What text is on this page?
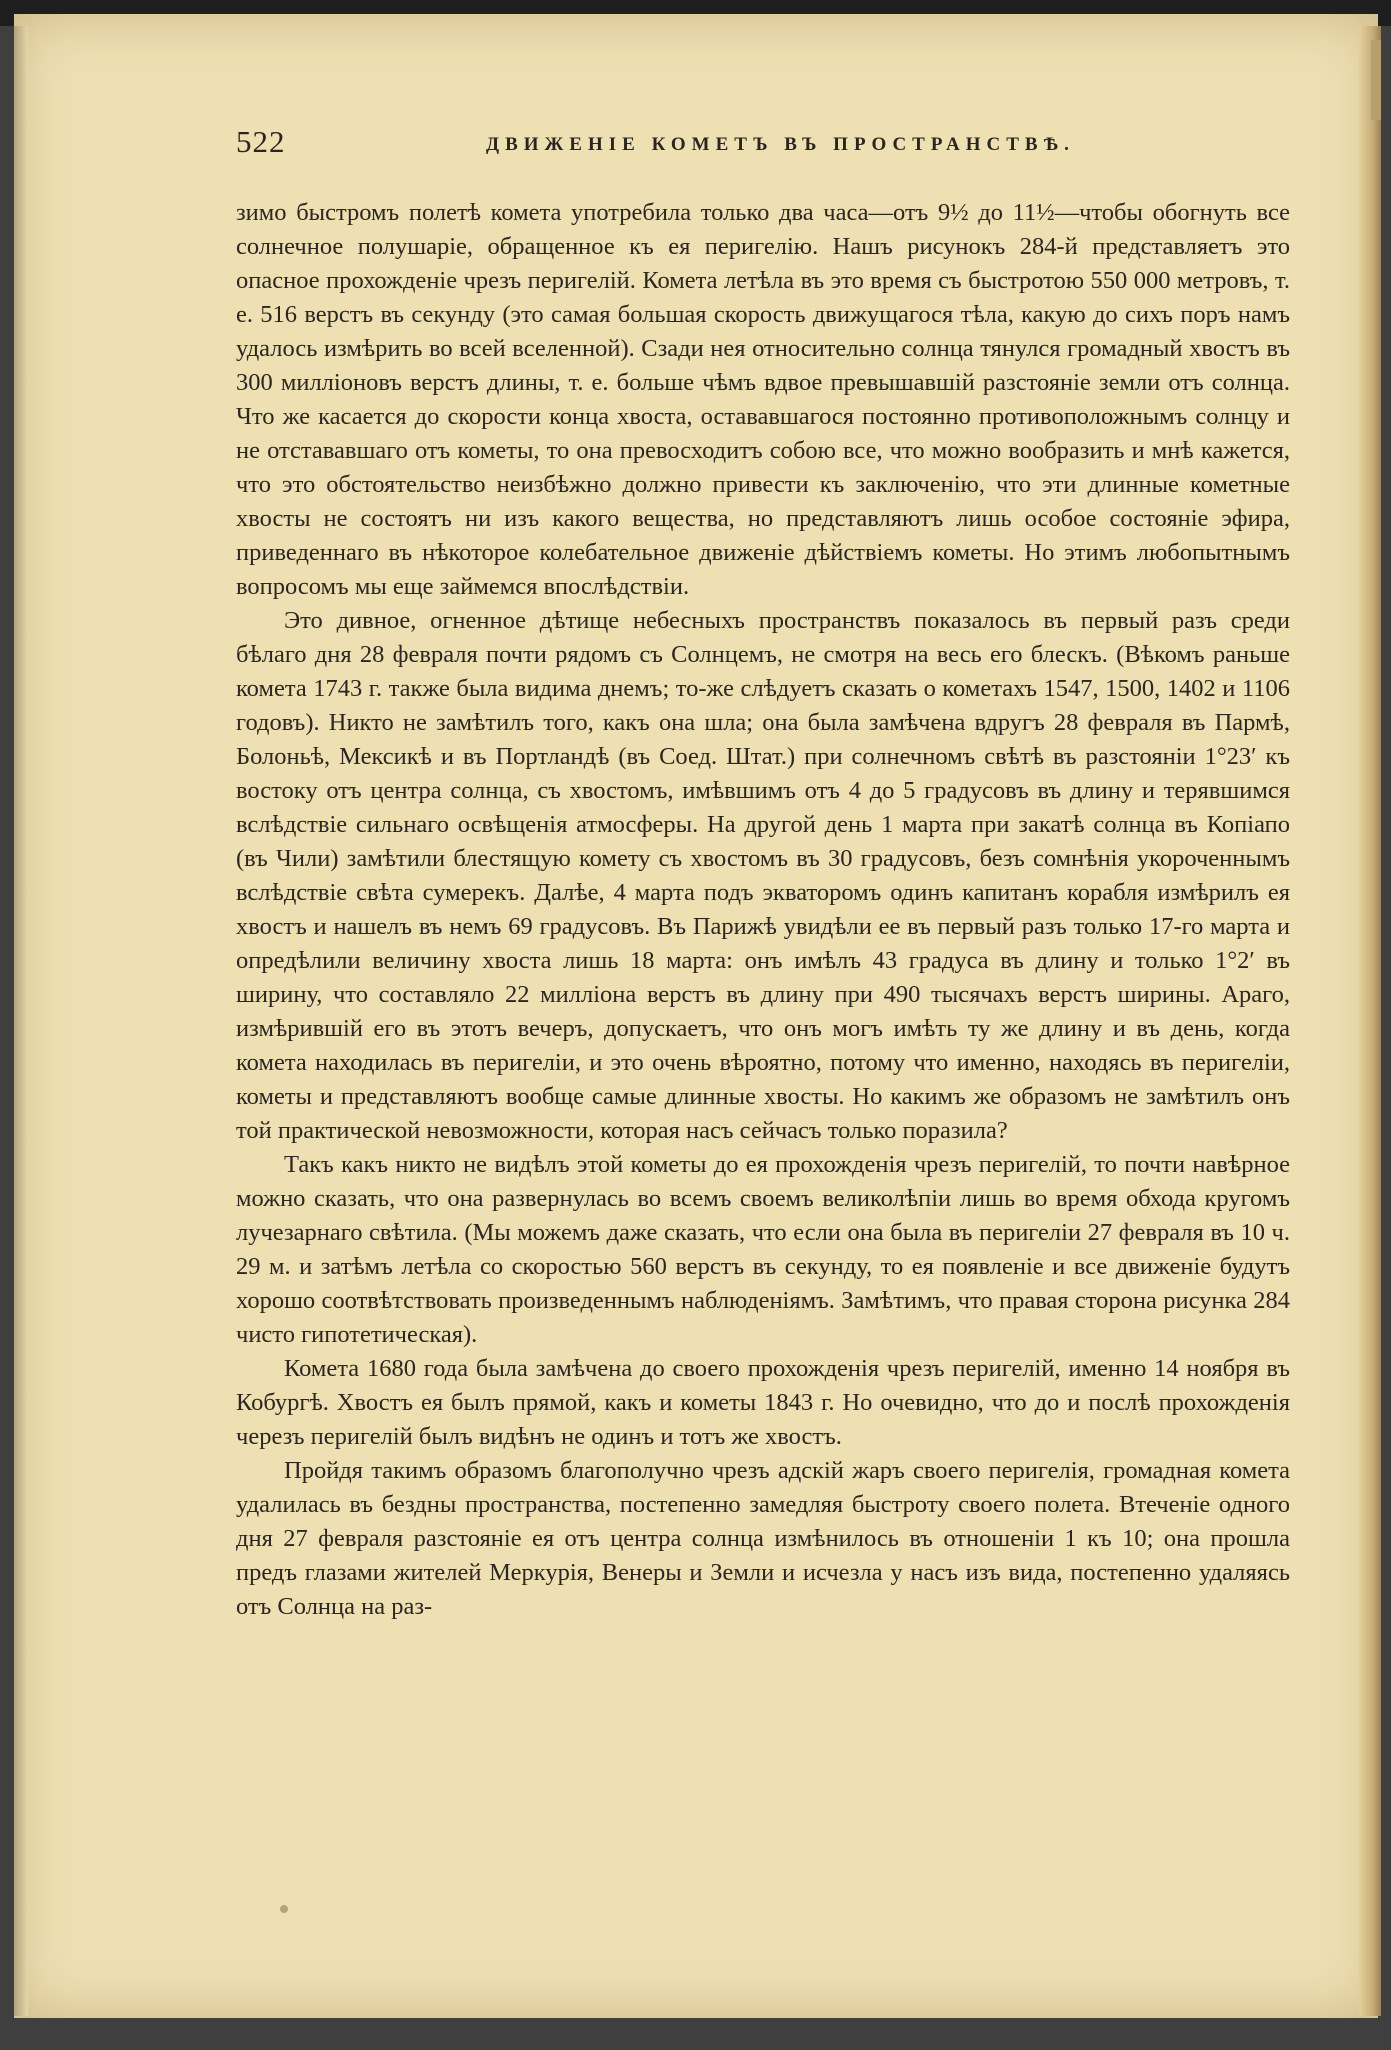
522	ДВИЖЕНІЕ КОМЕТЪ ВЪ ПРОСТРАНСТВѢ.

зимо быстромъ полетѣ комета употребила только два часа—отъ 9½ до 11½—чтобы обогнуть все солнечное полушаріе, обращенное къ ея перигелію. Нашъ рисунокъ 284-й представляетъ это опасное прохожденіе чрезъ перигелій. Комета летѣла въ это время съ быстротою 550 000 метровъ, т. е. 516 верстъ въ секунду (это самая большая скорость движущагося тѣла, какую до сихъ поръ намъ удалось измѣрить во всей вселенной). Сзади нея относительно солнца тянулся громадный хвостъ въ 300 милліоновъ верстъ длины, т. е. больше чѣмъ вдвое превышавшій разстояніе земли отъ солнца. Что же касается до скорости конца хвоста, остававшагося постоянно противоположнымъ солнцу и не отстававшаго отъ кометы, то она превосходитъ собою все, что можно вообразить и мнѣ кажется, что это обстоятельство неизбѣжно должно привести къ заключенію, что эти длинные кометные хвосты не состоятъ ни изъ какого вещества, но представляютъ лишь особое состояніе эфира, приведеннаго въ нѣкоторое колебательное движеніе дѣйствіемъ кометы. Но этимъ любопытнымъ вопросомъ мы еще займемся впослѣдствіи.

Это дивное, огненное дѣтище небесныхъ пространствъ показалось въ первый разъ среди бѣлаго дня 28 февраля почти рядомъ съ Солнцемъ, не смотря на весь его блескъ. (Вѣкомъ раньше комета 1743 г. также была видима днемъ; то-же слѣдуетъ сказать о кометахъ 1547, 1500, 1402 и 1106 годовъ). Никто не замѣтилъ того, какъ она шла; она была замѣчена вдругъ 28 февраля въ Пармѣ, Болоньѣ, Мексикѣ и въ Портландѣ (въ Соед. Штат.) при солнечномъ свѣтѣ въ разстояніи 1°23′ къ востоку отъ центра солнца, съ хвостомъ, имѣвшимъ отъ 4 до 5 градусовъ въ длину и терявшимся вслѣдствіе сильнаго освѣщенія атмосферы. На другой день 1 марта при закатѣ солнца въ Копіапо (въ Чили) замѣтили блестящую комету съ хвостомъ въ 30 градусовъ, безъ сомнѣнія укороченнымъ вслѣдствіе свѣта сумерекъ. Далѣе, 4 марта подъ экваторомъ одинъ капитанъ корабля измѣрилъ ея хвостъ и нашелъ въ немъ 69 градусовъ. Въ Парижѣ увидѣли ее въ первый разъ только 17-го марта и опредѣлили величину хвоста лишь 18 марта: онъ имѣлъ 43 градуса въ длину и только 1°2′ въ ширину, что составляло 22 милліона верстъ въ длину при 490 тысячахъ верстъ ширины. Араго, измѣрившій его въ этотъ вечеръ, допускаетъ, что онъ могъ имѣть ту же длину и въ день, когда комета находилась въ перигеліи, и это очень вѣроятно, потому что именно, находясь въ перигеліи, кометы и представляютъ вообще самые длинные хвосты. Но какимъ же образомъ не замѣтилъ онъ той практической невозможности, которая насъ сейчасъ только поразила?

Такъ какъ никто не видѣлъ этой кометы до ея прохожденія чрезъ перигелій, то почти навѣрное можно сказать, что она развернулась во всемъ своемъ великолѣпіи лишь во время обхода кругомъ лучезарнаго свѣтила. (Мы можемъ даже сказать, что если она была въ перигеліи 27 февраля въ 10 ч. 29 м. и затѣмъ летѣла со скоростью 560 верстъ въ секунду, то ея появленіе и все движеніе будутъ хорошо соотвѣтствовать произведеннымъ наблюденіямъ. Замѣтимъ, что правая сторона рисунка 284 чисто гипотетическая).

Комета 1680 года была замѣчена до своего прохожденія чрезъ перигелій, именно 14 ноября въ Кобургѣ. Хвостъ ея былъ прямой, какъ и кометы 1843 г. Но очевидно, что до и послѣ прохожденія черезъ перигелій былъ видѣнъ не одинъ и тотъ же хвостъ.

Пройдя такимъ образомъ благополучно чрезъ адскій жаръ своего перигелія, громадная комета удалилась въ бездны пространства, постепенно замедляя быстроту своего полета. Втеченіе одного дня 27 февраля разстояніе ея отъ центра солнца измѣнилось въ отношеніи 1 къ 10; она прошла предъ глазами жителей Меркурія, Венеры и Земли и исчезла у насъ изъ вида, постепенно удаляясь отъ Солнца на раз-
